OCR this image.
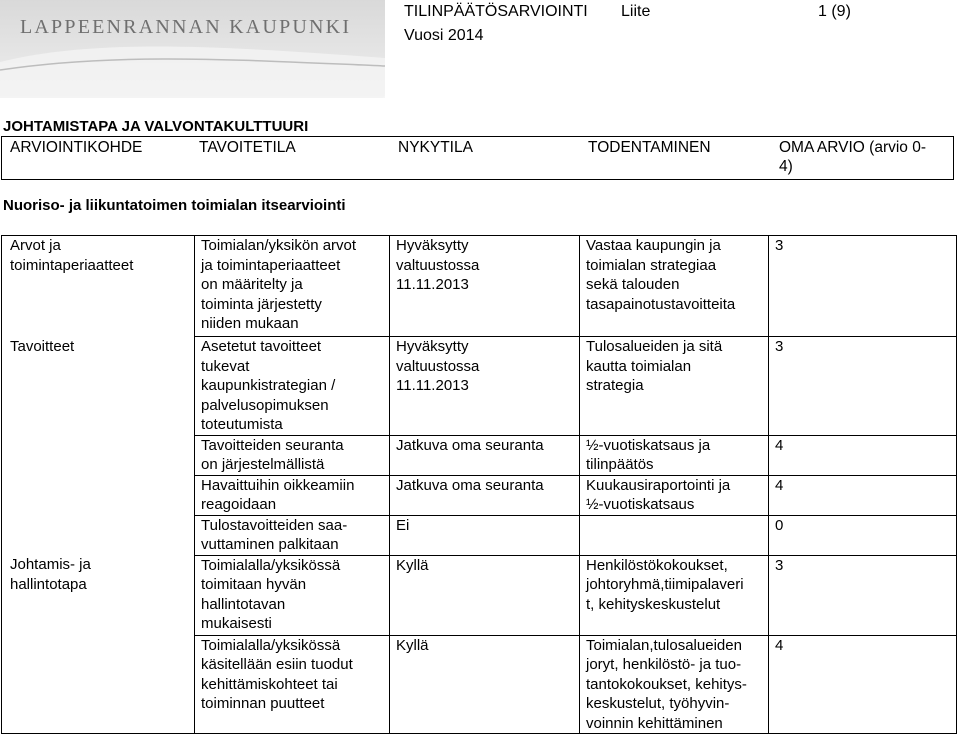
LAPPEENRANNAN KAUPUNKI
TILINPÄÄTÖSARVIOINTI Liite	1 (9)
Vuosi 2014
JOHTAMISTAPA JA VALVONTAKULTTUURI
ARVIOINTIKOHDE	TAVOITETILA	NYKYTILA	TODENTAMINEN	OMA ARVIO (arvio 0-
4)
Nuoriso- ja liikuntatoimen toimialan itsearviointi
Arvot ja
toimintaperiaatteet	Toimialan/yksikön arvot
ja toimintaperiaatteet
on määritelty ja
toiminta järjestetty
niiden mukaan	Hyväksytty
valtuustossa
11.11.2013	Vastaa kaupungin ja
toimialan strategiaa
sekä talouden
tasapainotustavoitteita	3
Tavoitteet	Asetetut tavoitteet
tukevat
kaupunkistrategian /
palvelusopimuksen
toteutumista	Hyväksytty
valtuustossa
11.11.2013	Tulosalueiden ja sitä
kautta toimialan
strategia	3
	Tavoitteiden seuranta
on järjestelmällistä	Jatkuva oma seuranta	½-vuotiskatsaus ja
tilinpäätös	4
	Havaittuihin oikkeamiin
reagoidaan	Jatkuva oma seuranta	Kuukausiraportointi ja
½-vuotiskatsaus	4
	Tulostavoitteiden saa-
vuttaminen palkitaan	Ei		0
Johtamis- ja
hallintotapa	Toimialalla/yksikössä
toimitaan hyvän
hallintotavan
mukaisesti	Kyllä	Henkilöstökokoukset,
johtoryhmä,tiimipalaveri
t, kehityskeskustelut	3
	Toimialalla/yksikössä
käsitellään esiin tuodut
kehittämiskohteet tai
toiminnan puutteet	Kyllä	Toimialan,tulosalueiden
joryt, henkilöstö- ja tuo-
tantokokoukset, kehitys-
keskustelut, työhyvin-
voinnin kehittäminen	4
